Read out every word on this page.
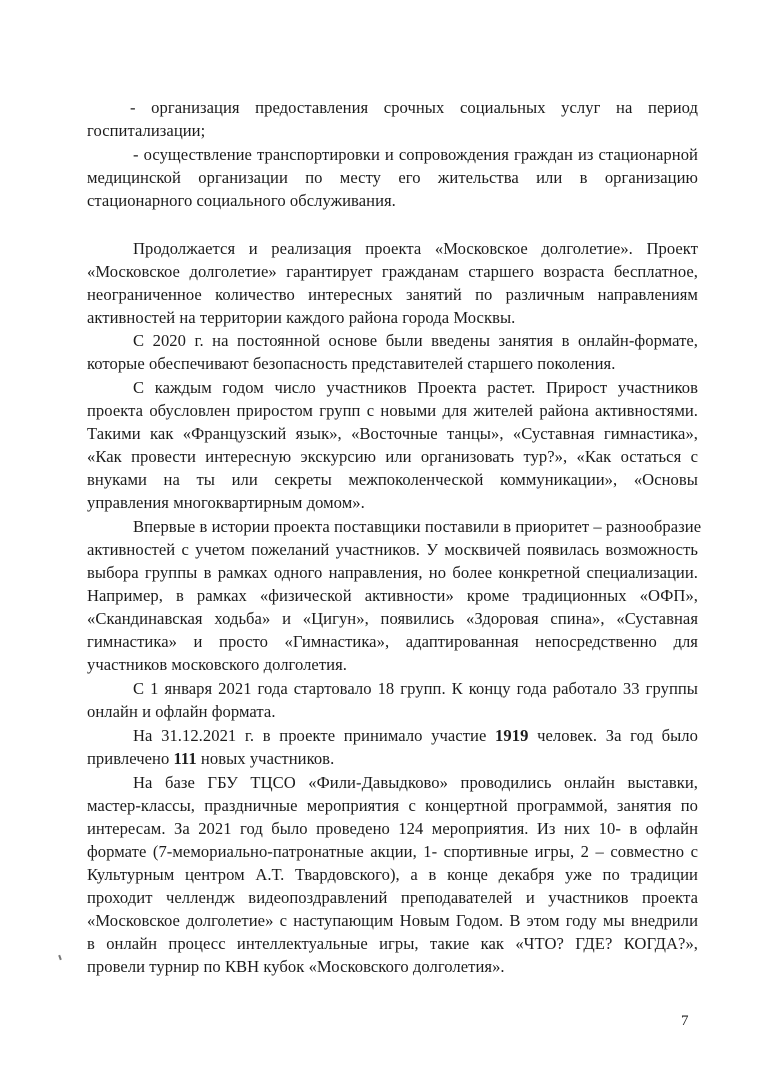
- организация предоставления срочных социальных услуг на период
госпитализации;
- осуществление транспортировки и сопровождения граждан из стационарной
медицинской организации по месту его жительства или в организацию
стационарного социального обслуживания.
Продолжается и реализация проекта «Московское долголетие». Проект
«Московское долголетие» гарантирует гражданам старшего возраста бесплатное,
неограниченное количество интересных занятий по различным направлениям
активностей на территории каждого района города Москвы.
С 2020 г. на постоянной основе были введены занятия в онлайн-формате,
которые обеспечивают безопасность представителей старшего поколения.
С каждым годом число участников Проекта растет. Прирост участников
проекта обусловлен приростом групп с новыми для жителей района активностями.
Такими как «Французский язык», «Восточные танцы», «Суставная гимнастика»,
«Как провести интересную экскурсию или организовать тур?», «Как остаться с
внуками на ты или секреты межпоколенческой коммуникации», «Основы
управления многоквартирным домом».
Впервые в истории проекта поставщики поставили в приоритет – разнообразие
активностей с учетом пожеланий участников. У москвичей появилась возможность
выбора группы в рамках одного направления, но более конкретной специализации.
Например, в рамках «физической активности» кроме традиционных «ОФП»,
«Скандинавская ходьба» и «Цигун», появились «Здоровая спина», «Суставная
гимнастика» и просто «Гимнастика», адаптированная непосредственно для
участников московского долголетия.
С 1 января 2021 года стартовало 18 групп. К концу года работало 33 группы
онлайн и офлайн формата.
На 31.12.2021 г. в проекте принимало участие 1919 человек. За год было
привлечено 111 новых участников.
На базе ГБУ ТЦСО «Фили-Давыдково» проводились онлайн выставки,
мастер-классы, праздничные мероприятия с концертной программой, занятия по
интересам. За 2021 год было проведено 124 мероприятия. Из них 10- в офлайн
формате (7-мемориально-патронатные акции, 1- спортивные игры, 2 – совместно с
Культурным центром А.Т. Твардовского), а в конце декабря уже по традиции
проходит челлендж видеопоздравлений преподавателей и участников проекта
«Московское долголетие» с наступающим Новым Годом. В этом году мы внедрили
в онлайн процесс интеллектуальные игры, такие как «ЧТО? ГДЕ? КОГДА?»,
провели турнир по КВН кубок «Московского долголетия».
7
